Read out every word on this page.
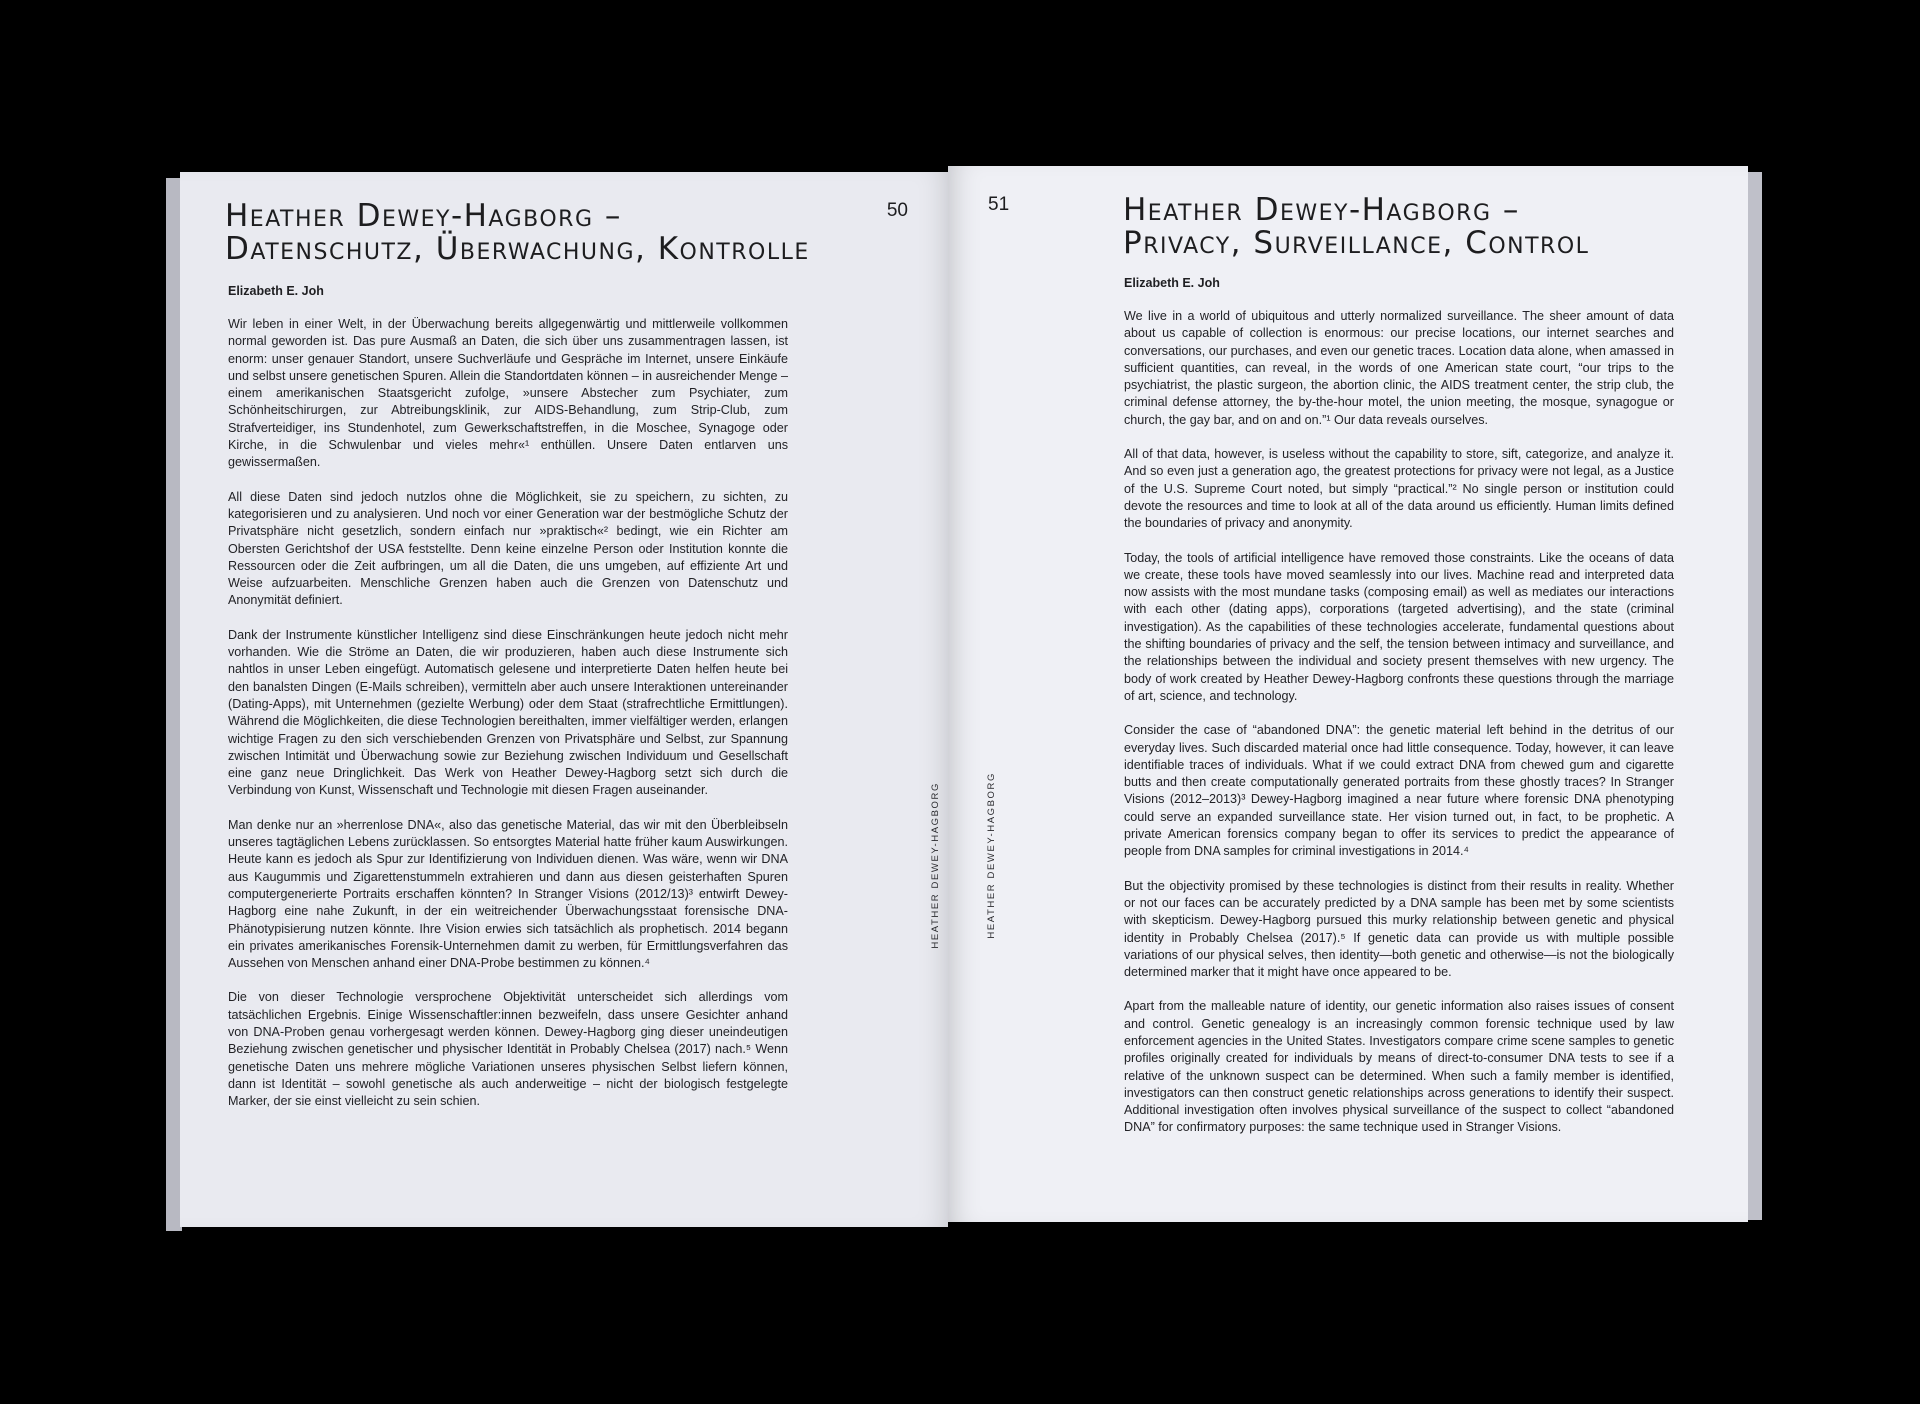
Heather Dewey-Hagborg –
Datenschutz, Überwachung, Kontrolle
50
Elizabeth E. Joh

Wir leben in einer Welt, in der Überwachung bereits allgegenwärtig und mittlerweile vollkommen normal geworden ist. Das pure Ausmaß an Daten, die sich über uns zusammentragen lassen, ist enorm: unser genauer Standort, unsere Suchverläufe und Gespräche im Internet, unsere Einkäufe und selbst unsere genetischen Spuren. Allein die Standortdaten können – in ausreichender Menge – einem amerikanischen Staatsgericht zufolge, »unsere Abstecher zum Psychiater, zum Schönheitschirurgen, zur Abtreibungsklinik, zur AIDS-Behandlung, zum Strip-Club, zum Strafverteidiger, ins Stundenhotel, zum Gewerkschaftstreffen, in die Moschee, Synagoge oder Kirche, in die Schwulenbar und vieles mehr«¹ enthüllen. Unsere Daten entlarven uns gewissermaßen.

All diese Daten sind jedoch nutzlos ohne die Möglichkeit, sie zu speichern, zu sichten, zu kategorisieren und zu analysieren. Und noch vor einer Generation war der bestmögliche Schutz der Privatsphäre nicht gesetzlich, sondern einfach nur »praktisch«² bedingt, wie ein Richter am Obersten Gerichtshof der USA feststellte. Denn keine einzelne Person oder Institution konnte die Ressourcen oder die Zeit aufbringen, um all die Daten, die uns umgeben, auf effiziente Art und Weise aufzuarbeiten. Menschliche Grenzen haben auch die Grenzen von Datenschutz und Anonymität definiert.

Dank der Instrumente künstlicher Intelligenz sind diese Einschränkungen heute jedoch nicht mehr vorhanden. Wie die Ströme an Daten, die wir produzieren, haben auch diese Instrumente sich nahtlos in unser Leben eingefügt. Automatisch gelesene und interpretierte Daten helfen heute bei den banalsten Dingen (E-Mails schreiben), vermitteln aber auch unsere Interaktionen untereinander (Dating-Apps), mit Unternehmen (gezielte Werbung) oder dem Staat (strafrechtliche Ermittlungen). Während die Möglichkeiten, die diese Technologien bereithalten, immer vielfältiger werden, erlangen wichtige Fragen zu den sich verschiebenden Grenzen von Privatsphäre und Selbst, zur Spannung zwischen Intimität und Überwachung sowie zur Beziehung zwischen Individuum und Gesellschaft eine ganz neue Dringlichkeit. Das Werk von Heather Dewey-Hagborg setzt sich durch die Verbindung von Kunst, Wissenschaft und Technologie mit diesen Fragen auseinander.

Man denke nur an »herrenlose DNA«, also das genetische Material, das wir mit den Überbleibseln unseres tagtäglichen Lebens zurücklassen. So entsorgtes Material hatte früher kaum Auswirkungen. Heute kann es jedoch als Spur zur Identifizierung von Individuen dienen. Was wäre, wenn wir DNA aus Kaugummis und Zigarettenstummeln extrahieren und dann aus diesen geisterhaften Spuren computergenerierte Portraits erschaffen könnten? In Stranger Visions (2012/13)³ entwirft Dewey-Hagborg eine nahe Zukunft, in der ein weitreichender Überwachungsstaat forensische DNA-Phänotypisierung nutzen könnte. Ihre Vision erwies sich tatsächlich als prophetisch. 2014 begann ein privates amerikanisches Forensik-Unternehmen damit zu werben, für Ermittlungsverfahren das Aussehen von Menschen anhand einer DNA-Probe bestimmen zu können.⁴

Die von dieser Technologie versprochene Objektivität unterscheidet sich allerdings vom tatsächlichen Ergebnis. Einige Wissenschaftler:innen bezweifeln, dass unsere Gesichter anhand von DNA-Proben genau vorhergesagt werden können. Dewey-Hagborg ging dieser uneindeutigen Beziehung zwischen genetischer und physischer Identität in Probably Chelsea (2017) nach.⁵ Wenn genetische Daten uns mehrere mögliche Variationen unseres physischen Selbst liefern können, dann ist Identität – sowohl genetische als auch anderweitige – nicht der biologisch festgelegte Marker, der sie einst vielleicht zu sein schien.

HEATHER DEWEY-HAGBORG
51	Heather Dewey-Hagborg –
Privacy, Surveillance, Control
Elizabeth E. Joh

We live in a world of ubiquitous and utterly normalized surveillance. The sheer amount of data about us capable of collection is enormous: our precise locations, our internet searches and conversations, our purchases, and even our genetic traces. Location data alone, when amassed in sufficient quantities, can reveal, in the words of one American state court, “our trips to the psychiatrist, the plastic surgeon, the abortion clinic, the AIDS treatment center, the strip club, the criminal defense attorney, the by-the-hour motel, the union meeting, the mosque, synagogue or church, the gay bar, and on and on.”¹ Our data reveals ourselves.

All of that data, however, is useless without the capability to store, sift, categorize, and analyze it. And so even just a generation ago, the greatest protections for privacy were not legal, as a Justice of the U.S. Supreme Court noted, but simply “practical.”² No single person or institution could devote the resources and time to look at all of the data around us efficiently. Human limits defined the boundaries of privacy and anonymity.

Today, the tools of artificial intelligence have removed those constraints. Like the oceans of data we create, these tools have moved seamlessly into our lives. Machine read and interpreted data now assists with the most mundane tasks (composing email) as well as mediates our interactions with each other (dating apps), corporations (targeted advertising), and the state (criminal investigation). As the capabilities of these technologies accelerate, fundamental questions about the shifting boundaries of privacy and the self, the tension between intimacy and surveillance, and the relationships between the individual and society present themselves with new urgency. The body of work created by Heather Dewey-Hagborg confronts these questions through the marriage of art, science, and technology.

Consider the case of “abandoned DNA”: the genetic material left behind in the detritus of our everyday lives. Such discarded material once had little consequence. Today, however, it can leave identifiable traces of individuals. What if we could extract DNA from chewed gum and cigarette butts and then create computationally generated portraits from these ghostly traces? In Stranger Visions (2012–2013)³ Dewey-Hagborg imagined a near future where forensic DNA phenotyping could serve an expanded surveillance state. Her vision turned out, in fact, to be prophetic. A private American forensics company began to offer its services to predict the appearance of people from DNA samples for criminal investigations in 2014.⁴

But the objectivity promised by these technologies is distinct from their results in reality. Whether or not our faces can be accurately predicted by a DNA sample has been met by some scientists with skepticism. Dewey-Hagborg pursued this murky relationship between genetic and physical identity in Probably Chelsea (2017).⁵ If genetic data can provide us with multiple possible variations of our physical selves, then identity—both genetic and otherwise—is not the biologically determined marker that it might have once appeared to be.

Apart from the malleable nature of identity, our genetic information also raises issues of consent and control. Genetic genealogy is an increasingly common forensic technique used by law enforcement agencies in the United States. Investigators compare crime scene samples to genetic profiles originally created for individuals by means of direct-to-consumer DNA tests to see if a relative of the unknown suspect can be determined. When such a family member is identified, investigators can then construct genetic relationships across generations to identify their suspect. Additional investigation often involves physical surveillance of the suspect to collect “abandoned DNA” for confirmatory purposes: the same technique used in Stranger Visions.

HEATHER DEWEY-HAGBORG
